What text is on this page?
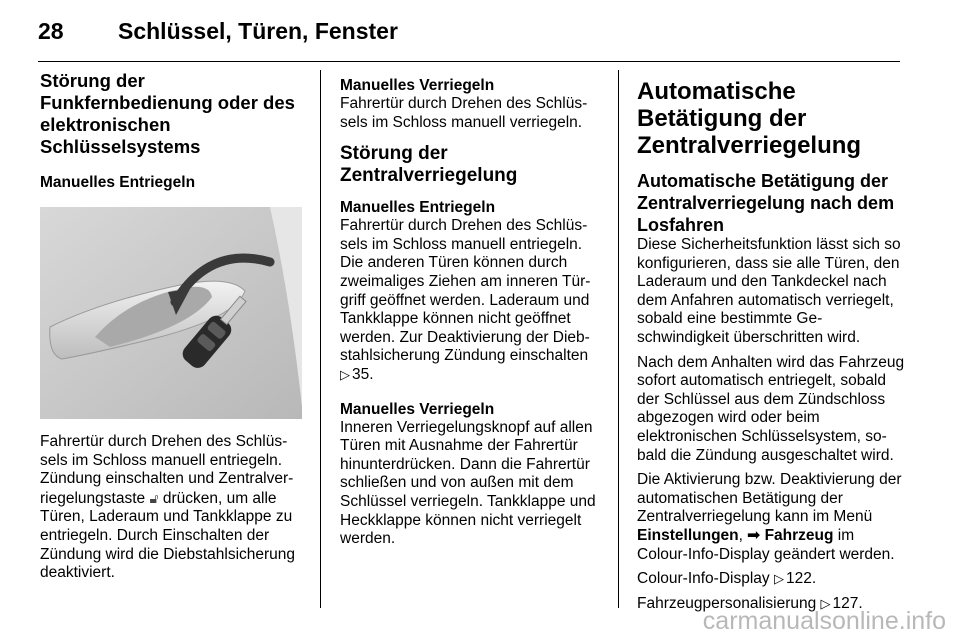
28 Schlüssel, Türen, Fenster
Störung der Funkfernbedienung oder des elektronischen Schlüsselsystems
Manuelles Entriegeln

Fahrertür durch Drehen des Schlüssels im Schloss manuell entriegeln. Zündung einschalten und Zentralverriegelungstaste 🔓︎ drücken, um alle Türen, Laderaum und Tankklappe zu entriegeln. Durch Einschalten der Zündung wird die Diebstahlsicherung deaktiviert.

Manuelles Verriegeln

Fahrertür durch Drehen des Schlüssels im Schloss manuell verriegeln.

Störung der Zentralverriegelung
Manuelles Entriegeln

Fahrertür durch Drehen des Schlüssels im Schloss manuell entriegeln. Die anderen Türen können durch zweimaliges Ziehen am inneren Türgriff geöffnet werden. Laderaum und Tankklappe können nicht geöffnet werden. Zur Deaktivierung der Diebstahlsicherung Zündung einschalten
▷ 35.

Manuelles Verriegeln

Inneren Verriegelungsknopf auf allen Türen mit Ausnahme der Fahrertür hinunterdrücken. Dann die Fahrertür schließen und von außen mit dem Schlüssel verriegeln. Tankklappe und Heckklappe können nicht verriegelt werden.

Automatische Betätigung der Zentralverriegelung
Automatische Betätigung der Zentralverriegelung nach dem Losfahren

Diese Sicherheitsfunktion lässt sich so konfigurieren, dass sie alle Türen, den Laderaum und den Tankdeckel nach dem Anfahren automatisch verriegelt, sobald eine bestimmte Geschwindigkeit überschritten wird.

Nach dem Anhalten wird das Fahrzeug sofort automatisch entriegelt, sobald der Schlüssel aus dem Zündschloss abgezogen wird oder beim elektronischen Schlüsselsystem, sobald die Zündung ausgeschaltet wird.

Die Aktivierung bzw. Deaktivierung der automatischen Betätigung der Zentralverriegelung kann im Menü Einstellungen, ➟ Fahrzeug im Colour-Info-Display geändert werden.

Colour-Info-Display ▷ 122.

Fahrzeugpersonalisierung ▷ 127.

carmanualsonline.info
